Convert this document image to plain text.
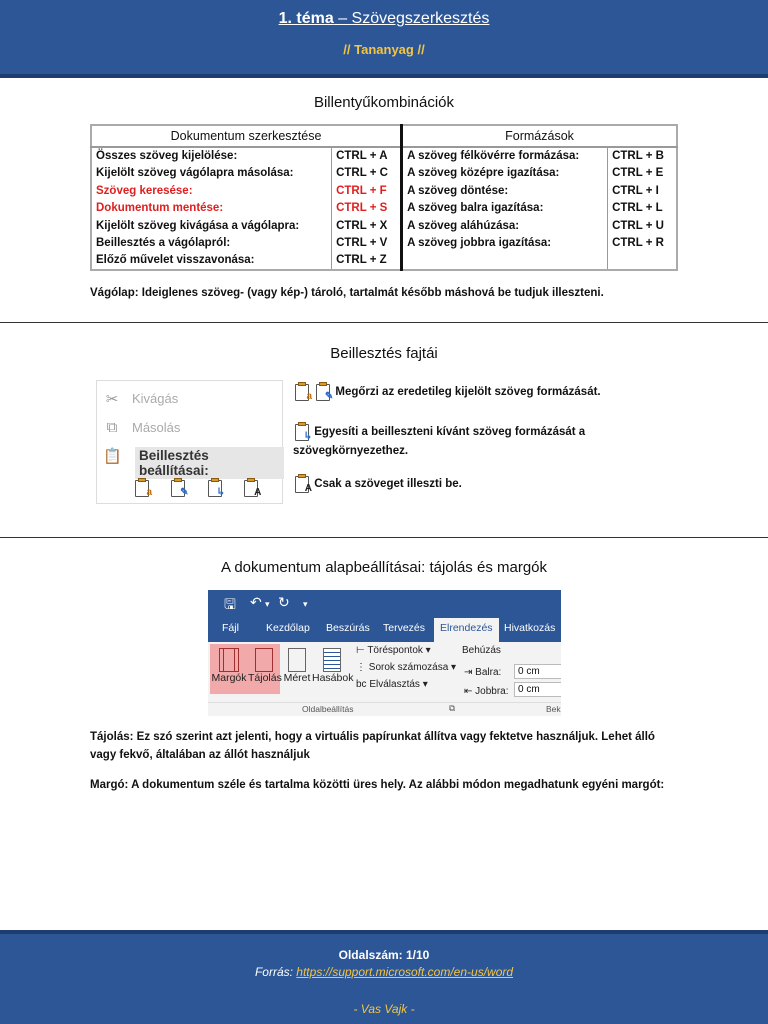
1. téma – Szövegszerkesztés
// Tananyag //
Billentyűkombinációk
Dokumentum szerkesztése		Formázások	
Összes szöveg kijelölése:	CTRL + A	A szöveg félkövérre formázása:	CTRL + B
Kijelölt szöveg vágólapra másolása:	CTRL + C	A szöveg középre igazítása:	CTRL + E
Szöveg keresése:	CTRL + F	A szöveg döntése:	CTRL + I
Dokumentum mentése:	CTRL + S	A szöveg balra igazítása:	CTRL + L
Kijelölt szöveg kivágása a vágólapra:	CTRL + X	A szöveg aláhúzása:	CTRL + U
Beillesztés a vágólapról:	CTRL + V	A szöveg jobbra igazítása:	CTRL + R
Előző művelet visszavonása:	CTRL + Z		
Vágólap: Ideiglenes szöveg- (vagy kép-) tároló, tartalmát később máshová be tudjuk illeszteni.
Beillesztés fajtái
✂ Kivágás
⧉ Másolás
📋 Beillesztés beállításai:
a
	✎
	↳
	A
a
✎ Megőrzi az eredetileg kijelölt szöveg formázását.
↳ Egyesíti a beilleszteni kívánt szöveg formázását a szövegkörnyezethez.
A Csak a szöveget illeszti be.
A dokumentum alapbeállításai: tájolás és margók
🖫 ↶ ▾ ↻ ▾
Fájl	Kezdőlap Beszúrás Tervezés	Elrendezés	Hivatkozás
Margók Tájolás Méret Hasábok
⊢ Töréspontok ▾
⋮ Sorok számozása ▾
bc Elválasztás ▾
Behúzás
⇥ Balra:	0 cm
⇤ Jobbra: 0 cm
Oldalbeállítás	⧉	Bek
Tájolás: Ez szó szerint azt jelenti, hogy a virtuális papírunkat állítva vagy fektetve használjuk. Lehet álló vagy fekvő, általában az állót használjuk
Margó: A dokumentum széle és tartalma közötti üres hely. Az alábbi módon megadhatunk egyéni margót:
Oldalszám: 1/10
Forrás: https://support.microsoft.com/en-us/word
- Vas Vajk -
